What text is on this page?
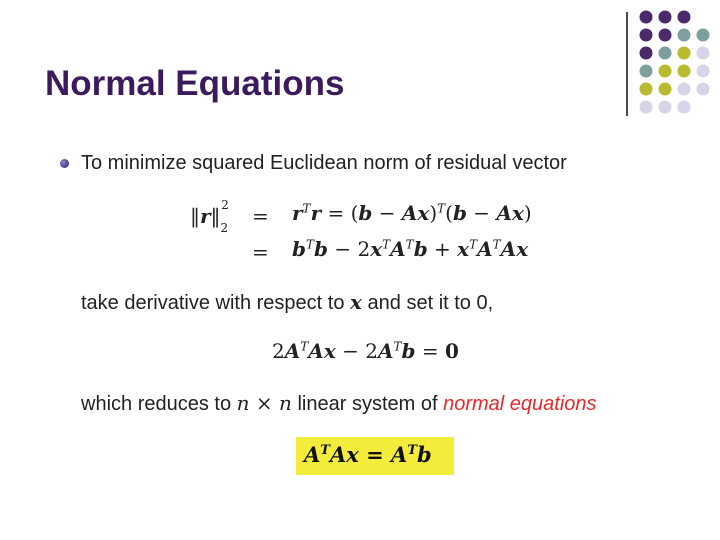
Normal Equations
To minimize squared Euclidean norm of residual vector
$‖r‖_2^2$	= $r^Tr = (b - Ax)^T(b - Ax)$
= $b^Tb - 2x^TA^Tb + x^TA^TAx$
take derivative with respect to x and set it to 0,
$2A^TAx - 2A^Tb = 0$
which reduces to n × n linear system of normal equations
$A^TAx = A^Tb$
